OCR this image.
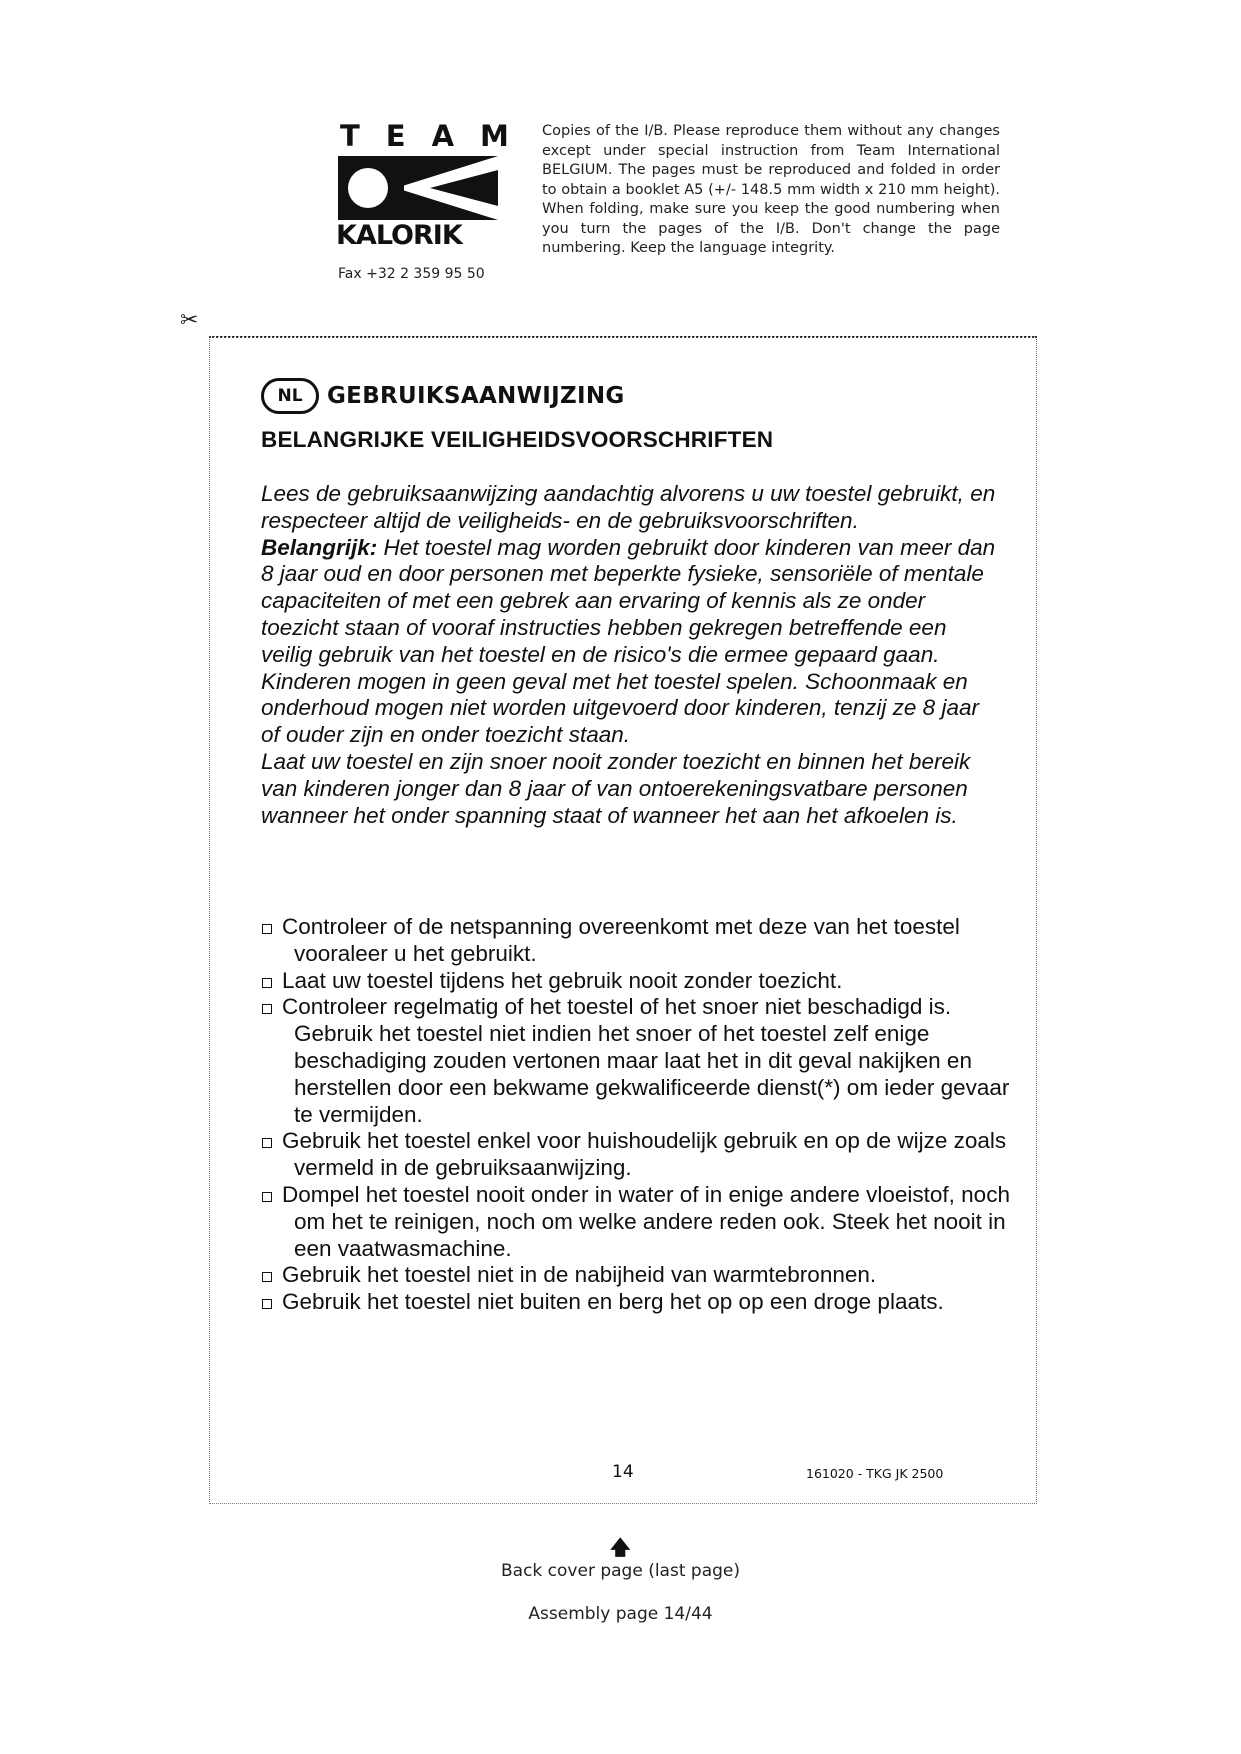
TEAM
KALORIK
Fax +32 2 359 95 50
Copies of the I/B. Please reproduce them without any changes except under special instruction from Team International BELGIUM. The pages must be reproduced and folded in order to obtain a booklet A5 (+/- 148.5 mm width x 210 mm height). When folding, make sure you keep the good numbering when you turn the pages of the I/B. Don't change the page numbering. Keep the language integrity.
✂
NL	GEBRUIKSAANWIJZING
BELANGRIJKE VEILIGHEIDSVOORSCHRIFTEN
Lees de gebruiksaanwijzing aandachtig alvorens u uw toestel gebruikt, en respecteer altijd de veiligheids- en de gebruiksvoorschriften.
Belangrijk: Het toestel mag worden gebruikt door kinderen van meer dan 8 jaar oud en door personen met beperkte fysieke, sensoriële of mentale capaciteiten of met een gebrek aan ervaring of kennis als ze onder toezicht staan of vooraf instructies hebben gekregen betreffende een veilig gebruik van het toestel en de risico's die ermee gepaard gaan. Kinderen mogen in geen geval met het toestel spelen. Schoonmaak en onderhoud mogen niet worden uitgevoerd door kinderen, tenzij ze 8 jaar of ouder zijn en onder toezicht staan.
Laat uw toestel en zijn snoer nooit zonder toezicht en binnen het bereik van kinderen jonger dan 8 jaar of van ontoerekeningsvatbare personen wanneer het onder spanning staat of wanneer het aan het afkoelen is.
Controleer of de netspanning overeenkomt met deze van het toestel vooraleer u het gebruikt.
Laat uw toestel tijdens het gebruik nooit zonder toezicht.
Controleer regelmatig of het toestel of het snoer niet beschadigd is. Gebruik het toestel niet indien het snoer of het toestel zelf enige beschadiging zouden vertonen maar laat het in dit geval nakijken en herstellen door een bekwame gekwalificeerde dienst(*) om ieder gevaar te vermijden.
Gebruik het toestel enkel voor huishoudelijk gebruik en op de wijze zoals vermeld in de gebruiksaanwijzing.
Dompel het toestel nooit onder in water of in enige andere vloeistof, noch om het te reinigen, noch om welke andere reden ook. Steek het nooit in een vaatwasmachine.
Gebruik het toestel niet in de nabijheid van warmtebronnen.
Gebruik het toestel niet buiten en berg het op op een droge plaats.
14	161020 - TKG JK 2500
🡅
Back cover page (last page)
Assembly page 14/44
